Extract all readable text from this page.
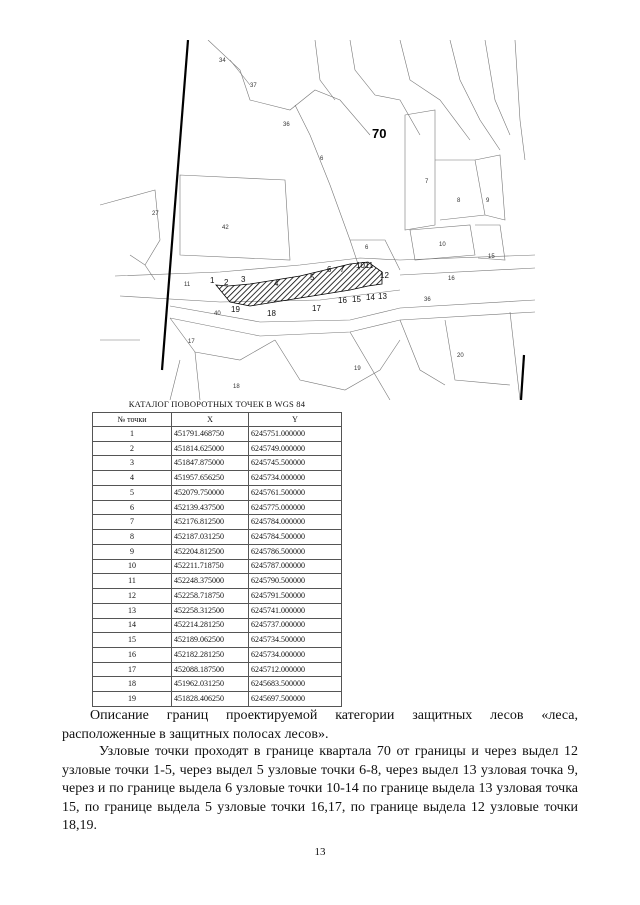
34
37
36
27
42
6
7
8	9
10
15
16
20
18
19
11
40
17
36
6
70
1 2 3	4
5
6 7 1011
12
13
14
15
16
17
18
19
КАТАЛОГ ПОВОРОТНЫХ ТОЧЕК В WGS 84
№ точки	X	Y
1	451791.468750	6245751.000000
2	451814.625000	6245749.000000
3	451847.875000	6245745.500000
4	451957.656250	6245734.000000
5	452079.750000	6245761.500000
6	452139.437500	6245775.000000
7	452176.812500	6245784.000000
8	452187.031250	6245784.500000
9	452204.812500	6245786.500000
10	452211.718750	6245787.000000
11	452248.375000	6245790.500000
12	452258.718750	6245791.500000
13	452258.312500	6245741.000000
14	452214.281250	6245737.000000
15	452189.062500	6245734.500000
16	452182.281250	6245734.000000
17	452088.187500	6245712.000000
18	451962.031250	6245683.500000
19	451828.406250	6245697.500000

Описание границ проектируемой категории защитных лесов «леса, расположенные в защитных полосах лесов».

Узловые точки проходят в границе квартала 70 от границы и через выдел 12 узловые точки 1-5, через выдел 5 узловые точки 6-8, через выдел 13 узловая точка 9, через и по границе выдела 6 узловые точки 10-14 по границе выдела 13 узловая точка 15, по границе выдела 5 узловые точки 16,17, по границе выдела 12 узловые точки 18,19.

13
